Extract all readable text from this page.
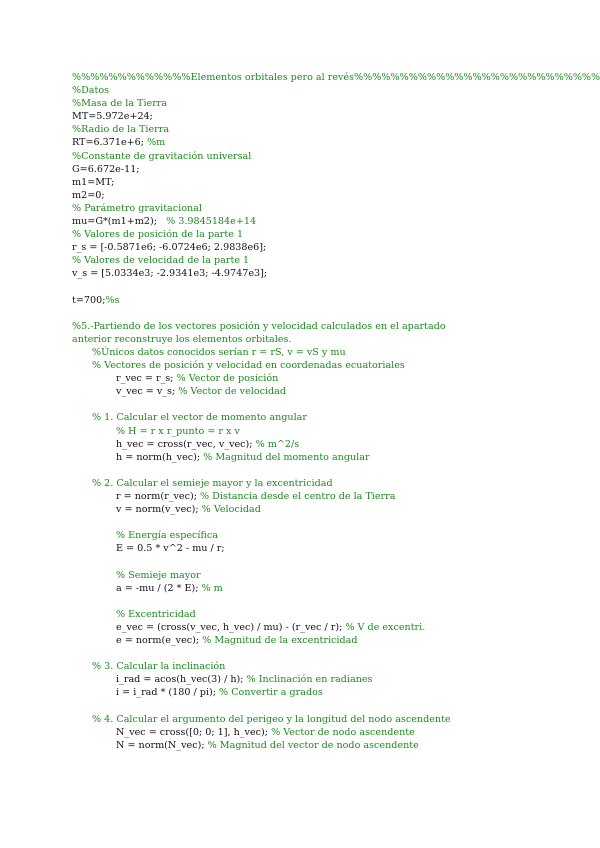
%%%%%%%%%%%%%Elementos orbitales pero al revés%%%%%%%%%%%%%%%%%%%%%%%%%%%
%Datos
%Masa de la Tierra
MT=5.972e+24;
%Radio de la Tierra
RT=6.371e+6; %m
%Constante de gravitación universal
G=6.672e-11;
m1=MT;
m2=0;
% Parámetro gravitacional
mu=G*(m1+m2);   % 3.9845184e+14
% Valores de posición de la parte 1
r_s = [-0.5871e6; -6.0724e6; 2.9838e6];
% Valores de velocidad de la parte 1
v_s = [5.0334e3; -2.9341e3; -4.9747e3];
t=700;%s
%5.-Partiendo de los vectores posición y velocidad calculados en el apartado
anterior reconstruye los elementos orbitales.
%Únicos datos conocidos serían r = rS, v = vS y mu
% Vectores de posición y velocidad en coordenadas ecuatoriales
r_vec = r_s; % Vector de posición
v_vec = v_s; % Vector de velocidad
% 1. Calcular el vector de momento angular
% H = r x r_punto = r x v
h_vec = cross(r_vec, v_vec); % m^2/s
h = norm(h_vec); % Magnitud del momento angular
% 2. Calcular el semieje mayor y la excentricidad
r = norm(r_vec); % Distancia desde el centro de la Tierra
v = norm(v_vec); % Velocidad
% Energía específica
E = 0.5 * v^2 - mu / r;
% Semieje mayor
a = -mu / (2 * E); % m
% Excentricidad
e_vec = (cross(v_vec, h_vec) / mu) - (r_vec / r); % V de excentri.
e = norm(e_vec); % Magnitud de la excentricidad
% 3. Calcular la inclinación
i_rad = acos(h_vec(3) / h); % Inclinación en radianes
i = i_rad * (180 / pi); % Convertir a grados
% 4. Calcular el argumento del perigeo y la longitud del nodo ascendente
N_vec = cross([0; 0; 1], h_vec); % Vector de nodo ascendente
N = norm(N_vec); % Magnitud del vector de nodo ascendente
